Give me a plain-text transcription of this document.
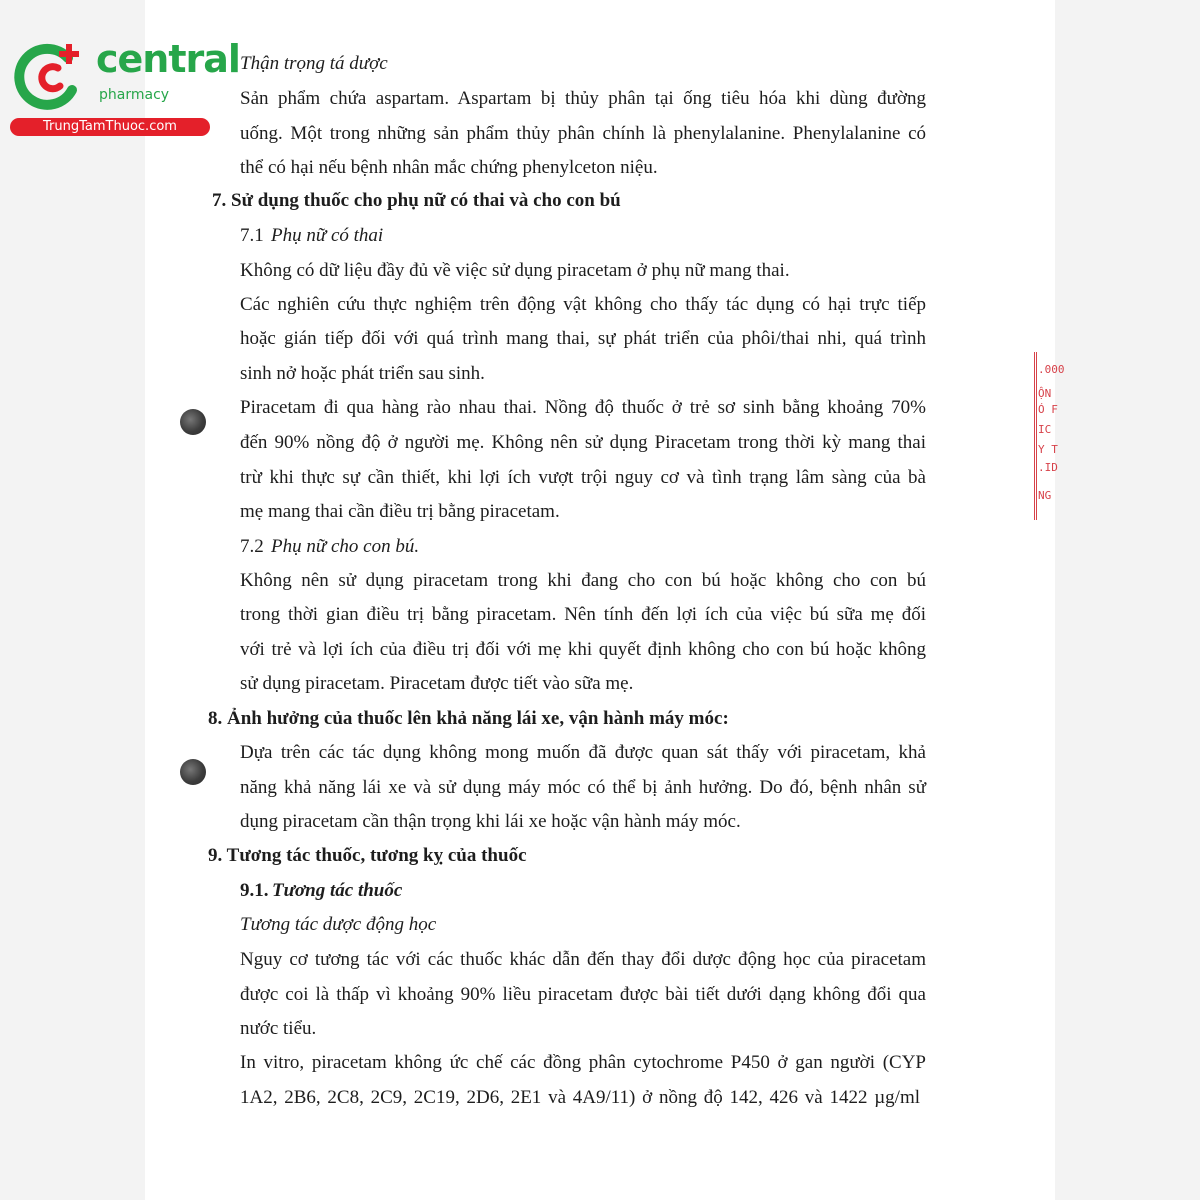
central
pharmacy
TrungTamThuoc.com
.000
ỘN
Ó F
IC
Y T
.ID
NG

Thận trọng tá dược

Sản phẩm chứa aspartam. Aspartam bị thủy phân tại ống tiêu hóa khi dùng đường

uống. Một trong những sản phẩm thủy phân chính là phenylalanine. Phenylalanine có

thể có hại nếu bệnh nhân mắc chứng phenylceton niệu.

7. Sử dụng thuốc cho phụ nữ có thai và cho con bú

7.1 Phụ nữ có thai

Không có dữ liệu đầy đủ về việc sử dụng piracetam ở phụ nữ mang thai.

Các nghiên cứu thực nghiệm trên động vật không cho thấy tác dụng có hại trực tiếp

hoặc gián tiếp đối với quá trình mang thai, sự phát triển của phôi/thai nhi, quá trình

sinh nở hoặc phát triển sau sinh.

Piracetam đi qua hàng rào nhau thai. Nồng độ thuốc ở trẻ sơ sinh bằng khoảng 70%

đến 90% nồng độ ở người mẹ. Không nên sử dụng Piracetam trong thời kỳ mang thai

trừ khi thực sự cần thiết, khi lợi ích vượt trội nguy cơ và tình trạng lâm sàng của bà

mẹ mang thai cần điều trị bằng piracetam.

7.2 Phụ nữ cho con bú.

Không nên sử dụng piracetam trong khi đang cho con bú hoặc không cho con bú

trong thời gian điều trị bằng piracetam. Nên tính đến lợi ích của việc bú sữa mẹ đối

với trẻ và lợi ích của điều trị đối với mẹ khi quyết định không cho con bú hoặc không

sử dụng piracetam. Piracetam được tiết vào sữa mẹ.

8. Ảnh hưởng của thuốc lên khả năng lái xe, vận hành máy móc:

Dựa trên các tác dụng không mong muốn đã được quan sát thấy với piracetam, khả

năng khả năng lái xe và sử dụng máy móc có thể bị ảnh hưởng. Do đó, bệnh nhân sử

dụng piracetam cần thận trọng khi lái xe hoặc vận hành máy móc.

9. Tương tác thuốc, tương kỵ của thuốc

9.1. Tương tác thuốc

Tương tác dược động học

Nguy cơ tương tác với các thuốc khác dẫn đến thay đổi dược động học của piracetam

được coi là thấp vì khoảng 90% liều piracetam được bài tiết dưới dạng không đổi qua

nước tiểu.

In vitro, piracetam không ức chế các đồng phân cytochrome P450 ở gan người (CYP

1A2, 2B6, 2C8, 2C9, 2C19, 2D6, 2E1 và 4A9/11) ở nồng độ 142, 426 và 1422 µg/ml
